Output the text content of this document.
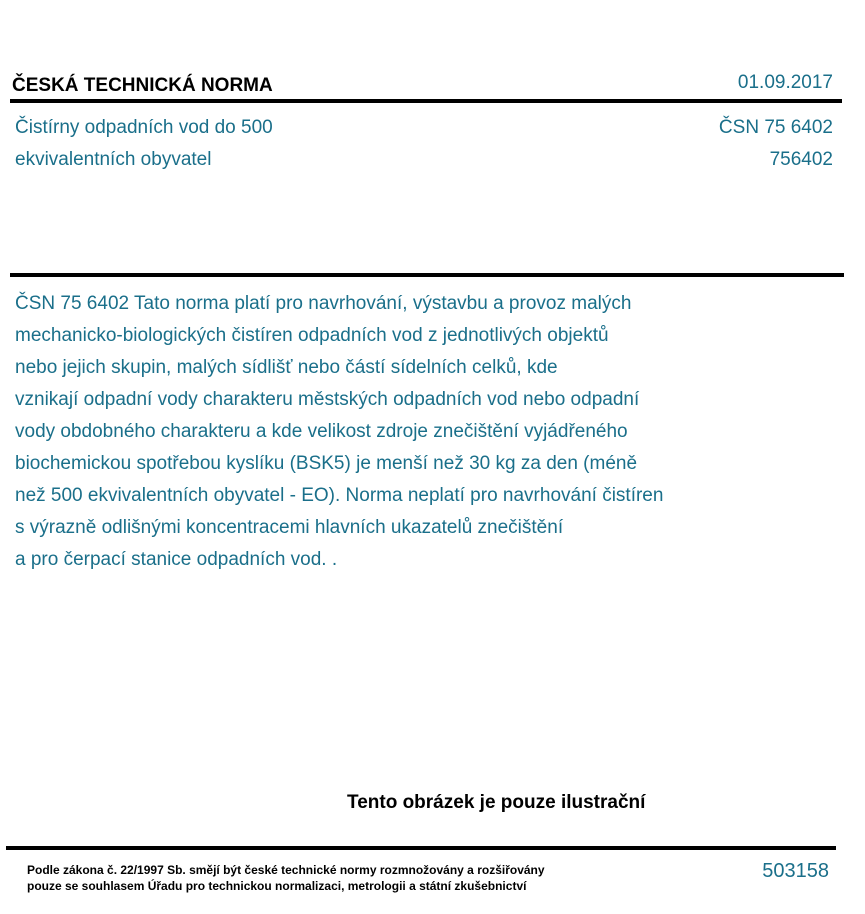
ČESKÁ TECHNICKÁ NORMA	01.09.2017
Čistírny odpadních vod do 500
ekvivalentních obyvatel
ČSN 75 6402
756402
ČSN 75 6402 Tato norma platí pro navrhování, výstavbu a provoz malých
mechanicko-biologických čistíren odpadních vod z jednotlivých objektů
nebo jejich skupin, malých sídlišť nebo částí sídelních celků, kde
vznikají odpadní vody charakteru městských odpadních vod nebo odpadní
vody obdobného charakteru a kde velikost zdroje znečištění vyjádřeného
biochemickou spotřebou kyslíku (BSK5) je menší než 30 kg za den (méně
než 500 ekvivalentních obyvatel - EO). Norma neplatí pro navrhování čistíren
s výrazně odlišnými koncentracemi hlavních ukazatelů znečištění
a pro čerpací stanice odpadních vod. .
Tento obrázek je pouze ilustrační
Podle zákona č. 22/1997 Sb. smějí být české technické normy rozmnožovány a rozšiřovány
pouze se souhlasem Úřadu pro technickou normalizaci, metrologii a státní zkušebnictví
503158
